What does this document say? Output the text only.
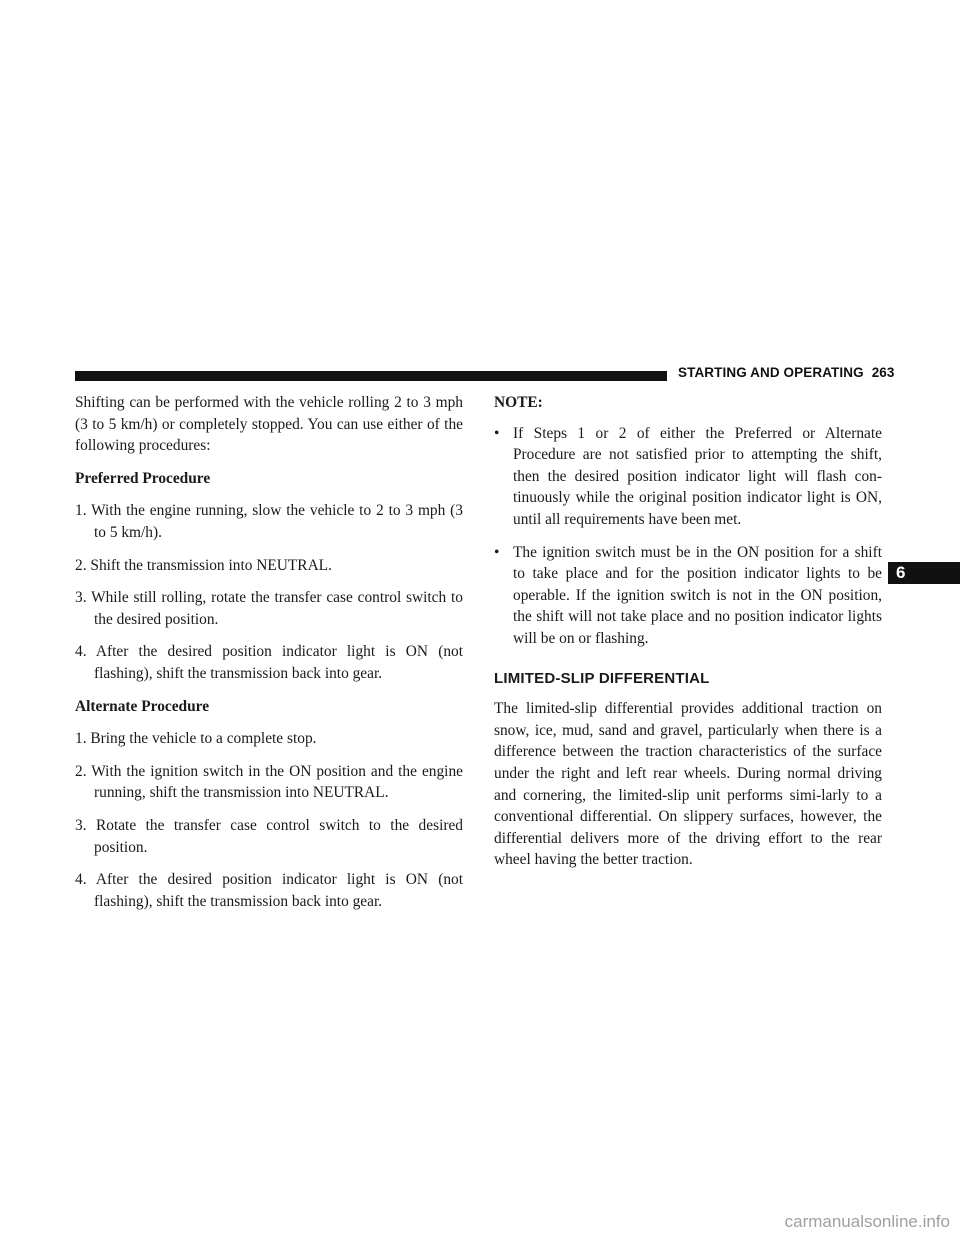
STARTING AND OPERATING 263

Shifting can be performed with the vehicle rolling 2 to 3 mph (3 to 5 km/h) or completely stopped. You can use either of the following procedures:

Preferred Procedure

1. With the engine running, slow the vehicle to 2 to 3 mph (3 to 5 km/h).

2. Shift the transmission into NEUTRAL.

3. While still rolling, rotate the transfer case control switch to the desired position.

4. After the desired position indicator light is ON (not flashing), shift the transmission back into gear.

Alternate Procedure

1. Bring the vehicle to a complete stop.

2. With the ignition switch in the ON position and the engine running, shift the transmission into NEUTRAL.

3. Rotate the transfer case control switch to the desired position.

4. After the desired position indicator light is ON (not flashing), shift the transmission back into gear.

NOTE:

• If Steps 1 or 2 of either the Preferred or Alternate Procedure are not satisfied prior to attempting the shift, then the desired position indicator light will flash con-tinuously while the original position indicator light is ON, until all requirements have been met.
• The ignition switch must be in the ON position for a shift to take place and for the position indicator lights to be operable. If the ignition switch is not in the ON position, the shift will not take place and no position indicator lights will be on or flashing.

LIMITED-SLIP DIFFERENTIAL

The limited-slip differential provides additional traction on snow, ice, mud, sand and gravel, particularly when there is a difference between the traction characteristics of the surface under the right and left rear wheels. During normal driving and cornering, the limited-slip unit performs simi-larly to a conventional differential. On slippery surfaces, however, the differential delivers more of the driving effort to the rear wheel having the better traction.

6
carmanualsonline.info
